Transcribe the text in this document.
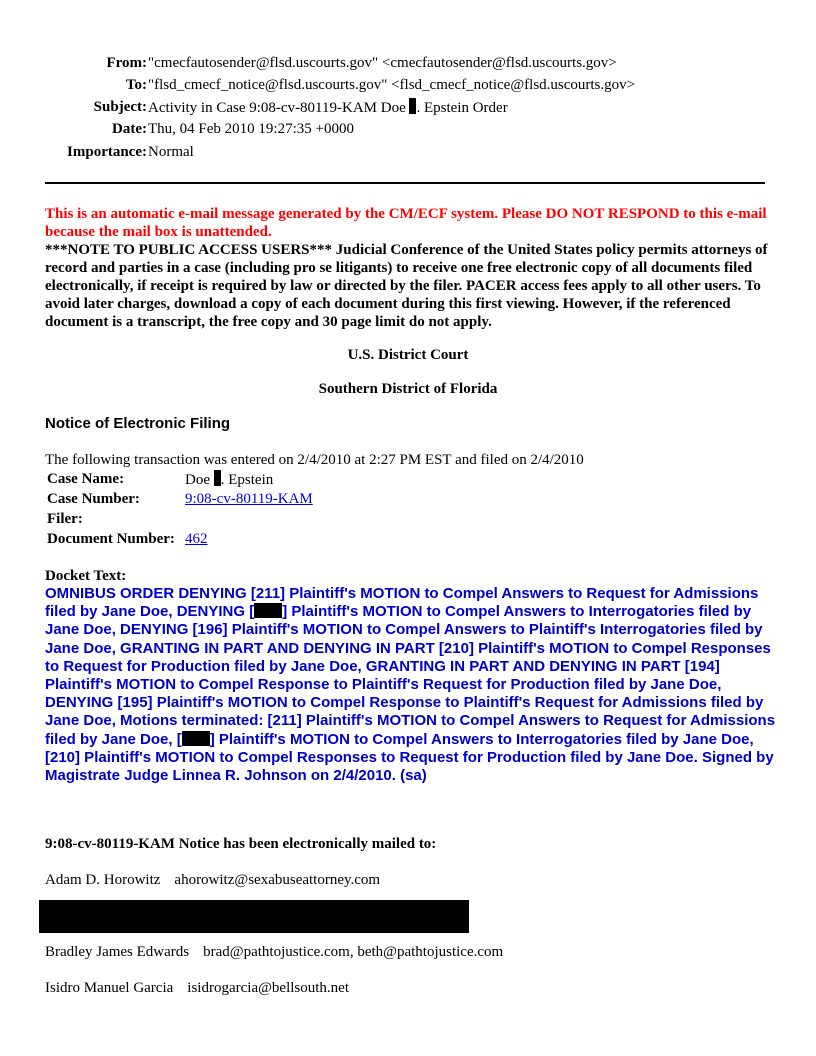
From: "cmecfautosender@flsd.uscourts.gov" <cmecfautosender@flsd.uscourts.gov>
To: "flsd_cmecf_notice@flsd.uscourts.gov" <flsd_cmecf_notice@flsd.uscourts.gov>
Subject: Activity in Case 9:08-cv-80119-KAM Doe . Epstein Order
Date: Thu, 04 Feb 2010 19:27:35 +0000
Importance: Normal
This is an automatic e-mail message generated by the CM/ECF system. Please DO NOT RESPOND to this e-mail because the mail box is unattended.
***NOTE TO PUBLIC ACCESS USERS*** Judicial Conference of the United States policy permits attorneys of record and parties in a case (including pro se litigants) to receive one free electronic copy of all documents filed electronically, if receipt is required by law or directed by the filer. PACER access fees apply to all other users. To avoid later charges, download a copy of each document during this first viewing. However, if the referenced document is a transcript, the free copy and 30 page limit do not apply.
U.S. District Court
Southern District of Florida
Notice of Electronic Filing
The following transaction was entered on 2/4/2010 at 2:27 PM EST and filed on 2/4/2010
Case Name:	Doe . Epstein
Case Number:	9:08-cv-80119-KAM
Filer:
Document Number: 462
Docket Text:
OMNIBUS ORDER DENYING [211] Plaintiff's MOTION to Compel Answers to Request for Admissions filed by Jane Doe, DENYING [ ] Plaintiff's MOTION to Compel Answers to Interrogatories filed by Jane Doe, DENYING [196] Plaintiff's MOTION to Compel Answers to Plaintiff's Interrogatories filed by Jane Doe, GRANTING IN PART AND DENYING IN PART [210] Plaintiff's MOTION to Compel Responses to Request for Production filed by Jane Doe, GRANTING IN PART AND DENYING IN PART [194] Plaintiff's MOTION to Compel Response to Plaintiff's Request for Production filed by Jane Doe, DENYING [195] Plaintiff's MOTION to Compel Response to Plaintiff's Request for Admissions filed by Jane Doe, Motions terminated: [211] Plaintiff's MOTION to Compel Answers to Request for Admissions filed by Jane Doe, [ ] Plaintiff's MOTION to Compel Answers to Interrogatories filed by Jane Doe, [210] Plaintiff's MOTION to Compel Responses to Request for Production filed by Jane Doe. Signed by Magistrate Judge Linnea R. Johnson on 2/4/2010. (sa)
9:08-cv-80119-KAM Notice has been electronically mailed to:
Adam D. Horowitz ahorowitz@sexabuseattorney.com
Bradley James Edwards brad@pathtojustice.com, beth@pathtojustice.com
Isidro Manuel Garcia isidrogarcia@bellsouth.net
